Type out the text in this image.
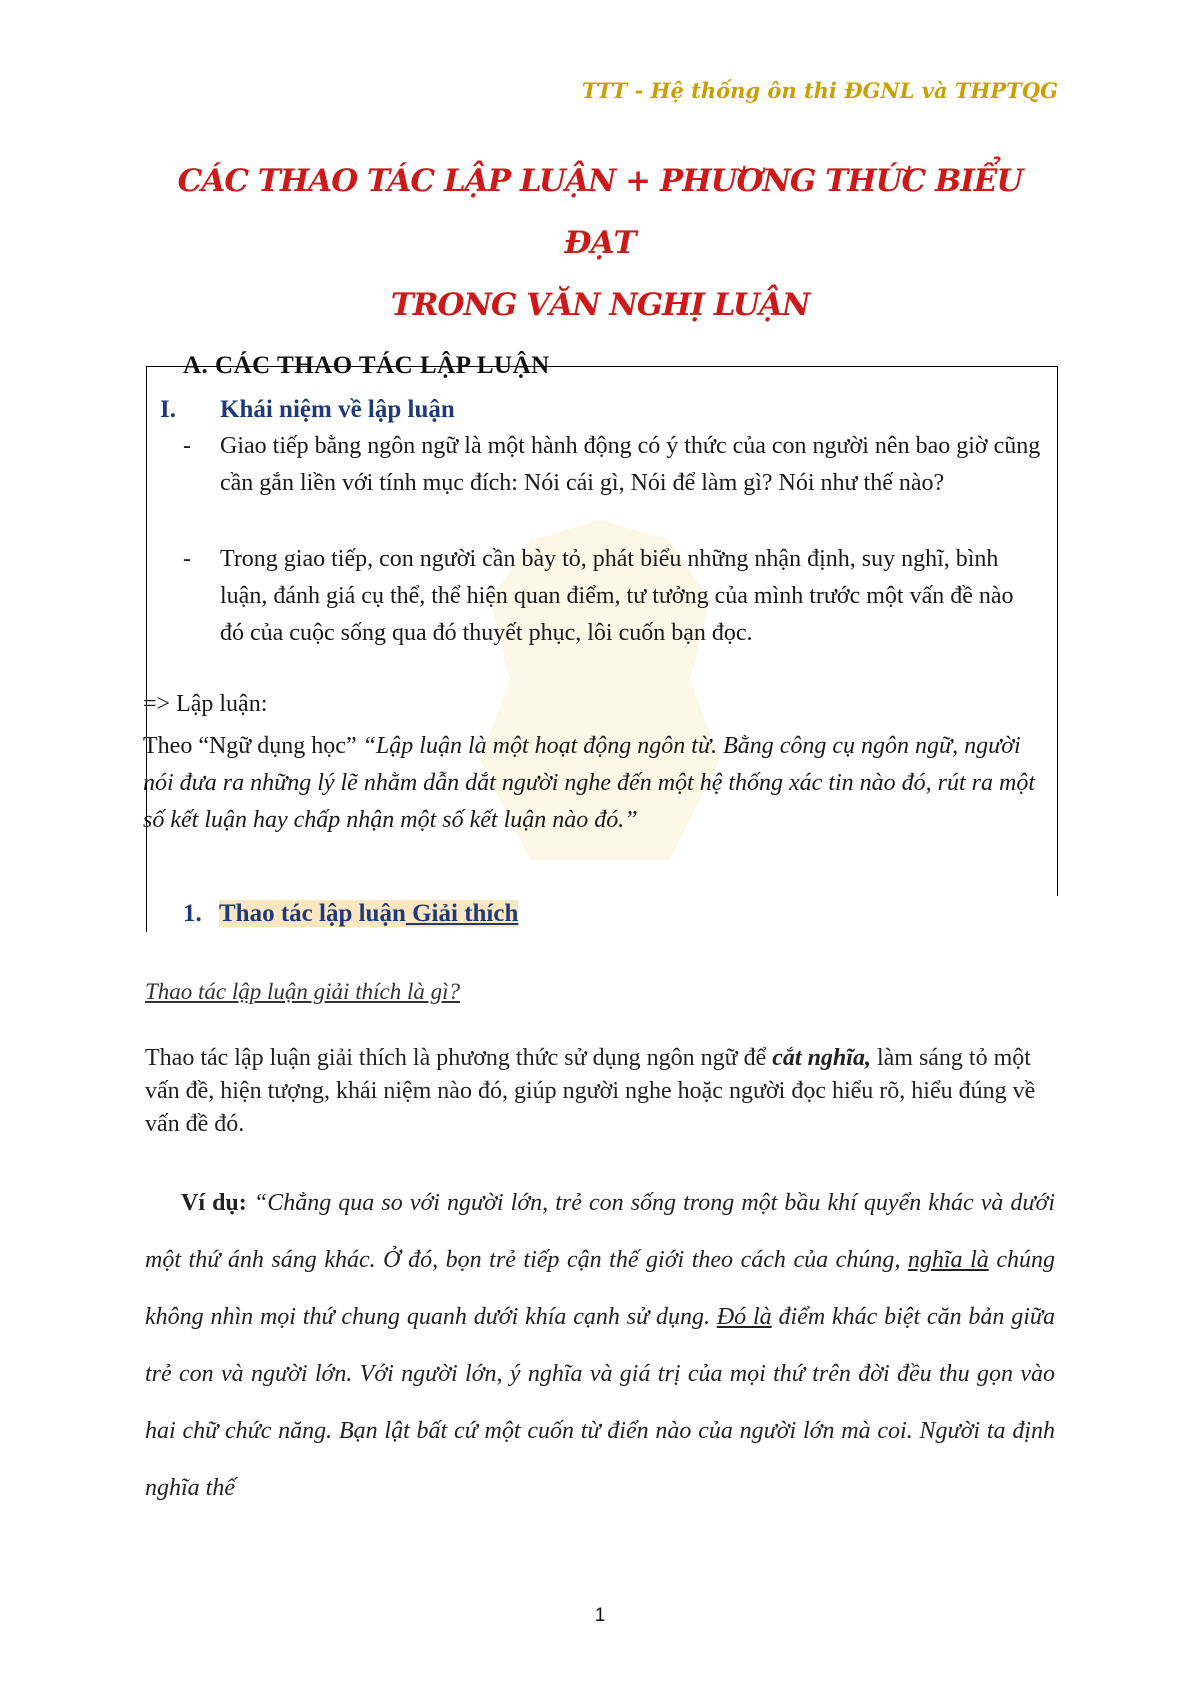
TTT - Hệ thống ôn thi ĐGNL và THPTQG
CÁC THAO TÁC LẬP LUẬN + PHƯƠNG THỨC BIỂU ĐẠT
TRONG VĂN NGHỊ LUẬN
A. CÁC THAO TÁC LẬP LUẬN
I. Khái niệm về lập luận
- Giao tiếp bằng ngôn ngữ là một hành động có ý thức của con người nên bao giờ cũng cần gắn liền với tính mục đích: Nói cái gì, Nói để làm gì? Nói như thế nào?
- Trong giao tiếp, con người cần bày tỏ, phát biểu những nhận định, suy nghĩ, bình luận, đánh giá cụ thể, thể hiện quan điểm, tư tưởng của mình trước một vấn đề nào đó của cuộc sống qua đó thuyết phục, lôi cuốn bạn đọc.
=> Lập luận:
Theo “Ngữ dụng học” “Lập luận là một hoạt động ngôn từ. Bằng công cụ ngôn ngữ, người nói đưa ra những lý lẽ nhằm dẫn dắt người nghe đến một hệ thống xác tin nào đó, rút ra một số kết luận hay chấp nhận một số kết luận nào đó.”
1. Thao tác lập luận Giải thích
Thao tác lập luận giải thích là gì?
Thao tác lập luận giải thích là phương thức sử dụng ngôn ngữ để cắt nghĩa, làm sáng tỏ một vấn đề, hiện tượng, khái niệm nào đó, giúp người nghe hoặc người đọc hiểu rõ, hiểu đúng về vấn đề đó.
Ví dụ: “Chẳng qua so với người lớn, trẻ con sống trong một bầu khí quyển khác và dưới một thứ ánh sáng khác. Ở đó, bọn trẻ tiếp cận thế giới theo cách của chúng, nghĩa là chúng không nhìn mọi thứ chung quanh dưới khía cạnh sử dụng. Đó là điểm khác biệt căn bản giữa trẻ con và người lớn. Với người lớn, ý nghĩa và giá trị của mọi thứ trên đời đều thu gọn vào hai chữ chức năng. Bạn lật bất cứ một cuốn từ điển nào của người lớn mà coi. Người ta định nghĩa thế
1
